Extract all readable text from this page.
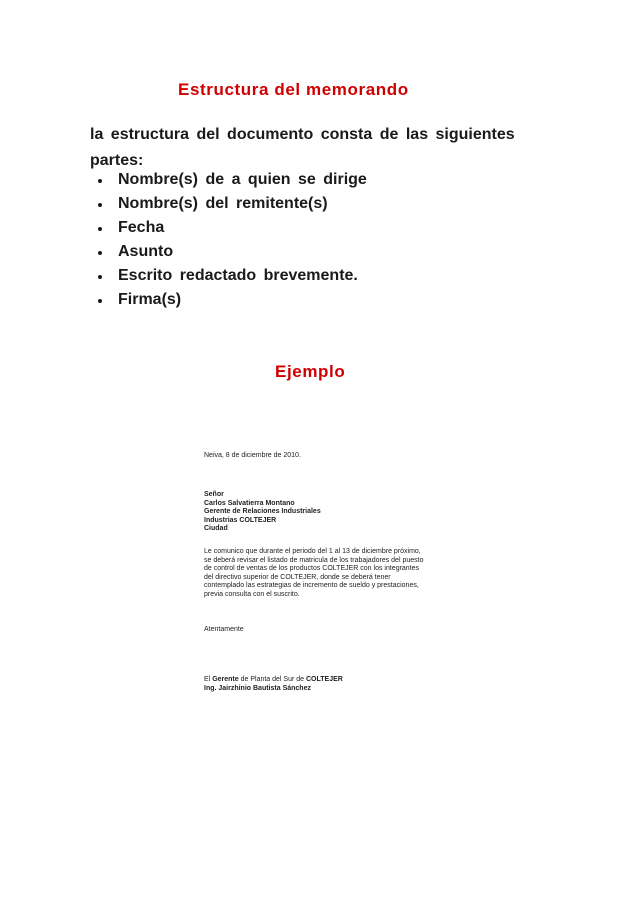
Estructura del memorando

la estructura del documento consta de las siguientes partes:

Nombre(s) de a quien se dirige
Nombre(s) del remitente(s)
Fecha
Asunto
Escrito redactado brevemente.
Firma(s)
Ejemplo
Neiva, 8 de diciembre de 2010.
Señor
Carlos Salvatierra Montano
Gerente de Relaciones Industriales
Industrias COLTEJER
Ciudad
Le comunico que durante el periodo del 1 al 13 de diciembre próximo,
se deberá revisar el listado de matricula de los trabajadores del puesto
de control de ventas de los productos COLTEJER con los integrantes
del directivo superior de COLTEJER, donde se deberá tener
contemplado las estrategias de incremento de sueldo y prestaciones,
previa consulta con el suscrito.
Atentamente
El Gerente de Planta del Sur de COLTEJER
Ing. Jairzhinio Bautista Sánchez
